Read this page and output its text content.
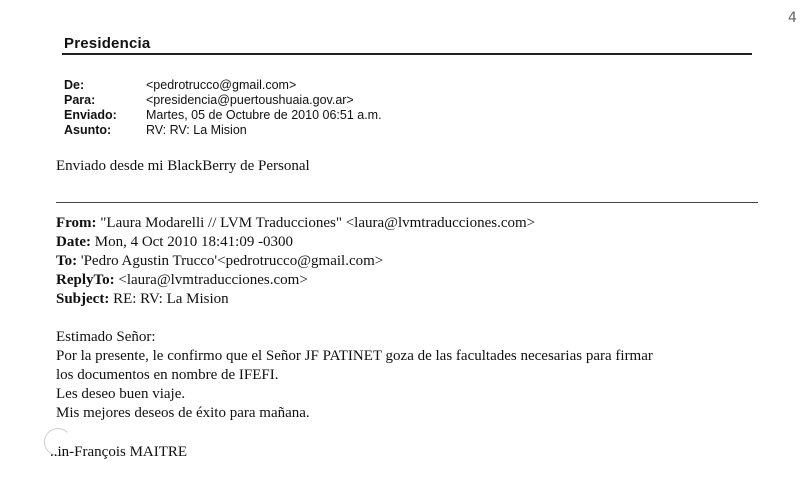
Presidencia
De:	<pedrotrucco@gmail.com>
Para:	<presidencia@puertoushuaia.gov.ar>
Enviado: Martes, 05 de Octubre de 2010 06:51 a.m.
Asunto:	RV: RV: La Mision
Enviado desde mi BlackBerry de Personal
From: "Laura Modarelli // LVM Traducciones" <laura@lvmtraducciones.com>
Date: Mon, 4 Oct 2010 18:41:09 -0300
To: 'Pedro Agustin Trucco'<pedrotrucco@gmail.com>
ReplyTo: <laura@lvmtraducciones.com>
Subject: RE: RV: La Mision
Estimado Señor:
Por la presente, le confirmo que el Señor JF PATINET goza de las facultades necesarias para firmar
los documentos en nombre de IFEFI.
Les deseo buen viaje.
Mis mejores deseos de éxito para mañana.
..in-François MAITRE
4
